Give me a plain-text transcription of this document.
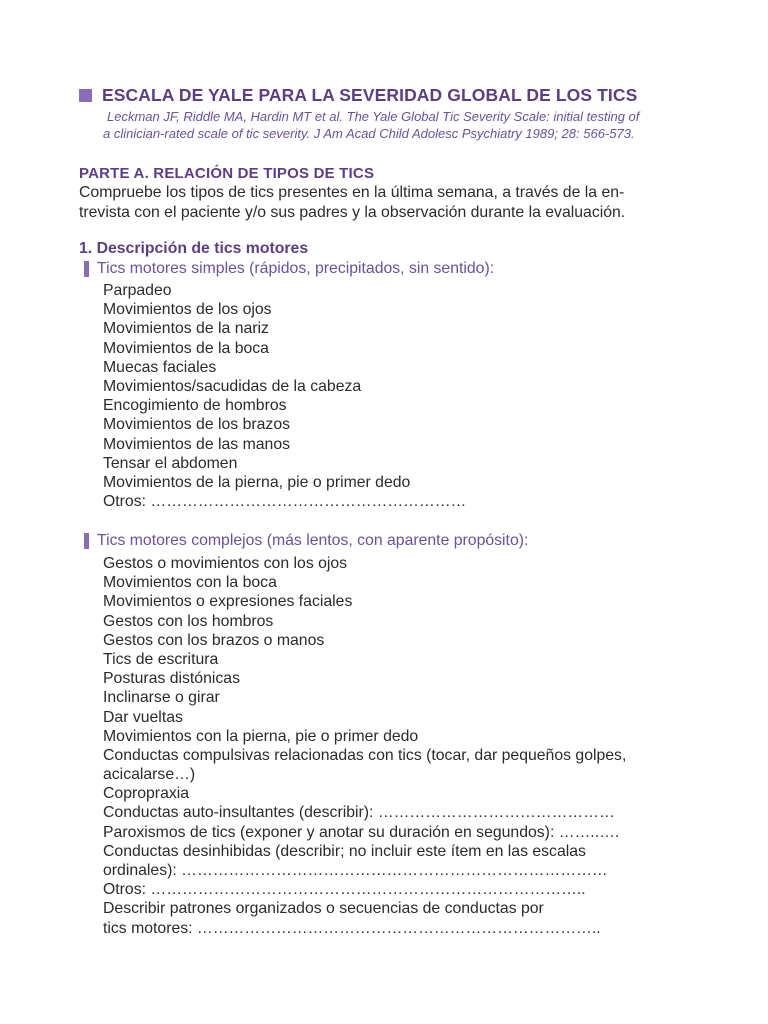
ESCALA DE YALE PARA LA SEVERIDAD GLOBAL DE LOS TICS
Leckman JF, Riddle MA, Hardin MT et al. The Yale Global Tic Severity Scale: initial testing of
a clinician-rated scale of tic severity. J Am Acad Child Adolesc Psychiatry 1989; 28: 566-573.
PARTE A. RELACIÓN DE TIPOS DE TICS
Compruebe los tipos de tics presentes en la última semana, a través de la en-
trevista con el paciente y/o sus padres y la observación durante la evaluación.
1. Descripción de tics motores
Tics motores simples (rápidos, precipitados, sin sentido):
Parpadeo
Movimientos de los ojos
Movimientos de la nariz
Movimientos de la boca
Muecas faciales
Movimientos/sacudidas de la cabeza
Encogimiento de hombros
Movimientos de los brazos
Movimientos de las manos
Tensar el abdomen
Movimientos de la pierna, pie o primer dedo
Otros: ……………………………………………………
Tics motores complejos (más lentos, con aparente propósito):
Gestos o movimientos con los ojos
Movimientos con la boca
Movimientos o expresiones faciales
Gestos con los hombros
Gestos con los brazos o manos
Tics de escritura
Posturas distónicas
Inclinarse o girar
Dar vueltas
Movimientos con la pierna, pie o primer dedo
Conductas compulsivas relacionadas con tics (tocar, dar pequeños golpes,
acicalarse…)
Copropraxia
Conductas auto-insultantes (describir): ………………………………………
Paroxismos de tics (exponer y anotar su duración en segundos): ……..….
Conductas desinhibidas (describir; no incluir este ítem en las escalas
ordinales): ………………………………………………………………………
Otros: ………………………………………………………………………..
Describir patrones organizados o secuencias de conductas por
tics motores: …………………………………………………………………..
